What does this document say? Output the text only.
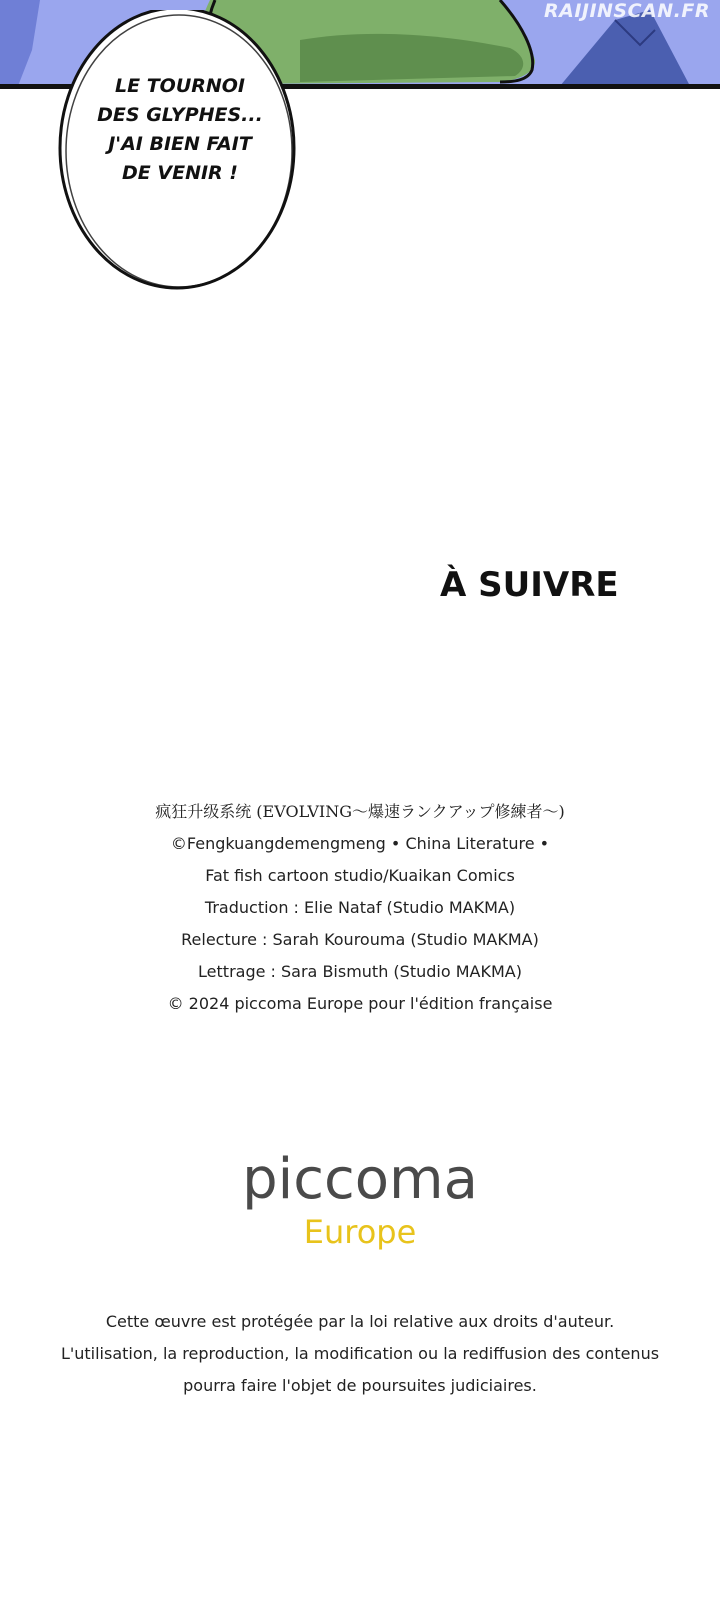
RAIJINSCAN.FR

LE TOURNOI
DES GLYPHES...
J'AI BIEN FAIT
DE VENIR !

À SUIVRE

疯狂升级系统 (EVOLVING〜爆速ランクアップ修練者〜)
©Fengkuangdemengmeng • China Literature •
Fat fish cartoon studio/Kuaikan Comics
Traduction : Elie Nataf (Studio MAKMA)
Relecture : Sarah Kourouma (Studio MAKMA)
Lettrage : Sara Bismuth (Studio MAKMA)
© 2024 piccoma Europe pour l'édition française
piccoma
Europe
Cette œuvre est protégée par la loi relative aux droits d'auteur.
L'utilisation, la reproduction, la modification ou la rediffusion des contenus
pourra faire l'objet de poursuites judiciaires.
